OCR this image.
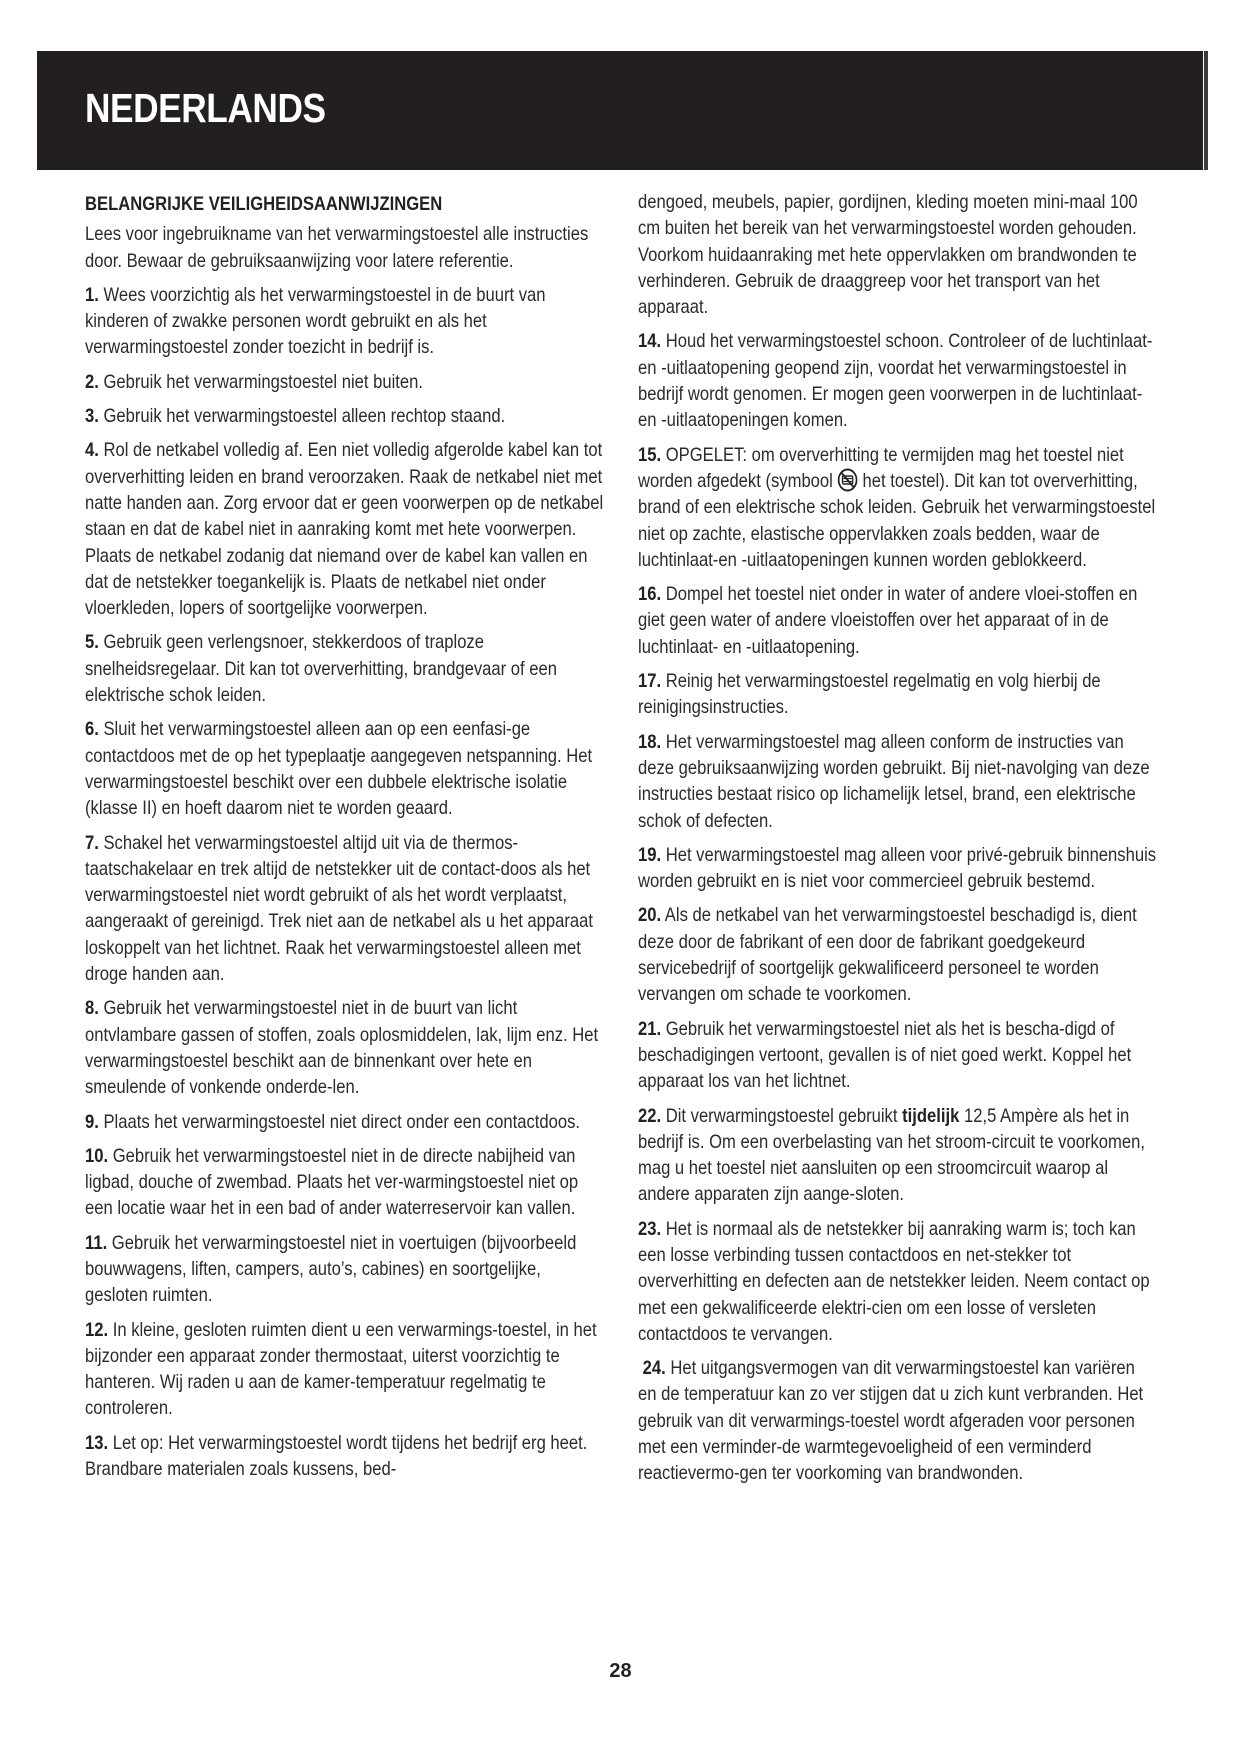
NEDERLANDS
BELANGRIJKE VEILIGHEIDSAANWIJZINGEN

Lees voor ingebruikname van het verwarmingstoestel alle instructies door. Bewaar de gebruiksaanwijzing voor latere referentie.

1. Wees voorzichtig als het verwarmingstoestel in de buurt van kinderen of zwakke personen wordt gebruikt en als het verwarmingstoestel zonder toezicht in bedrijf is.

2. Gebruik het verwarmingstoestel niet buiten.

3. Gebruik het verwarmingstoestel alleen rechtop staand.

4. Rol de netkabel volledig af. Een niet volledig afgerolde kabel kan tot oververhitting leiden en brand veroorzaken. Raak de netkabel niet met natte handen aan. Zorg ervoor dat er geen voorwerpen op de netkabel staan en dat de kabel niet in aanraking komt met hete voorwerpen. Plaats de netkabel zodanig dat niemand over de kabel kan vallen en dat de netstekker toegankelijk is. Plaats de netkabel niet onder vloerkleden, lopers of soortgelijke voorwerpen.

5. Gebruik geen verlengsnoer, stekkerdoos of traploze snelheidsregelaar. Dit kan tot oververhitting, brandgevaar of een elektrische schok leiden.

6. Sluit het verwarmingstoestel alleen aan op een eenfasi-ge contactdoos met de op het typeplaatje aangegeven netspanning. Het verwarmingstoestel beschikt over een dubbele elektrische isolatie (klasse II) en hoeft daarom niet te worden geaard.

7. Schakel het verwarmingstoestel altijd uit via de thermos-taatschakelaar en trek altijd de netstekker uit de contact-doos als het verwarmingstoestel niet wordt gebruikt of als het wordt verplaatst, aangeraakt of gereinigd. Trek niet aan de netkabel als u het apparaat loskoppelt van het lichtnet. Raak het verwarmingstoestel alleen met droge handen aan.

8. Gebruik het verwarmingstoestel niet in de buurt van licht ontvlambare gassen of stoffen, zoals oplosmiddelen, lak, lijm enz. Het verwarmingstoestel beschikt aan de binnenkant over hete en smeulende of vonkende onderde-len.

9. Plaats het verwarmingstoestel niet direct onder een contactdoos.

10. Gebruik het verwarmingstoestel niet in de directe nabijheid van ligbad, douche of zwembad. Plaats het ver-warmingstoestel niet op een locatie waar het in een bad of ander waterreservoir kan vallen.

11. Gebruik het verwarmingstoestel niet in voertuigen (bijvoorbeeld bouwwagens, liften, campers, auto’s, cabines) en soortgelijke, gesloten ruimten.

12. In kleine, gesloten ruimten dient u een verwarmings-toestel, in het bijzonder een apparaat zonder thermostaat, uiterst voorzichtig te hanteren. Wij raden u aan de kamer-temperatuur regelmatig te controleren.

13. Let op: Het verwarmingstoestel wordt tijdens het bedrijf erg heet. Brandbare materialen zoals kussens, bed-

dengoed, meubels, papier, gordijnen, kleding moeten mini-maal 100 cm buiten het bereik van het verwarmingstoestel worden gehouden. Voorkom huidaanraking met hete oppervlakken om brandwonden te verhinderen. Gebruik de draaggreep voor het transport van het apparaat.

14. Houd het verwarmingstoestel schoon. Controleer of de luchtinlaat- en -uitlaatopening geopend zijn, voordat het verwarmingstoestel in bedrijf wordt genomen. Er mogen geen voorwerpen in de luchtinlaat- en -uitlaatopeningen komen.

15. OPGELET: om oververhitting te vermijden mag het toestel niet worden afgedekt (symbool het toestel). Dit kan tot oververhitting, brand of een elektrische schok leiden. Gebruik het verwarmingstoestel niet op zachte, elastische oppervlakken zoals bedden, waar de luchtinlaat-en -uitlaatopeningen kunnen worden geblokkeerd.

16. Dompel het toestel niet onder in water of andere vloei-stoffen en giet geen water of andere vloeistoffen over het apparaat of in de luchtinlaat- en -uitlaatopening.

17. Reinig het verwarmingstoestel regelmatig en volg hierbij de reinigingsinstructies.

18. Het verwarmingstoestel mag alleen conform de instructies van deze gebruiksaanwijzing worden gebruikt. Bij niet-navolging van deze instructies bestaat risico op lichamelijk letsel, brand, een elektrische schok of defecten.

19. Het verwarmingstoestel mag alleen voor privé-gebruik binnenshuis worden gebruikt en is niet voor commercieel gebruik bestemd.

20. Als de netkabel van het verwarmingstoestel beschadigd is, dient deze door de fabrikant of een door de fabrikant goedgekeurd servicebedrijf of soortgelijk gekwalificeerd personeel te worden vervangen om schade te voorkomen.

21. Gebruik het verwarmingstoestel niet als het is bescha-digd of beschadigingen vertoont, gevallen is of niet goed werkt. Koppel het apparaat los van het lichtnet.

22. Dit verwarmingstoestel gebruikt tijdelijk 12,5 Ampère als het in bedrijf is. Om een overbelasting van het stroom-circuit te voorkomen, mag u het toestel niet aansluiten op een stroomcircuit waarop al andere apparaten zijn aange-sloten.

23. Het is normaal als de netstekker bij aanraking warm is; toch kan een losse verbinding tussen contactdoos en net-stekker tot oververhitting en defecten aan de netstekker leiden. Neem contact op met een gekwalificeerde elektri-cien om een losse of versleten contactdoos te vervangen.

24. Het uitgangsvermogen van dit verwarmingstoestel kan variëren en de temperatuur kan zo ver stijgen dat u zich kunt verbranden. Het gebruik van dit verwarmings-toestel wordt afgeraden voor personen met een verminder-de warmtegevoeligheid of een verminderd reactievermo-gen ter voorkoming van brandwonden.

28
